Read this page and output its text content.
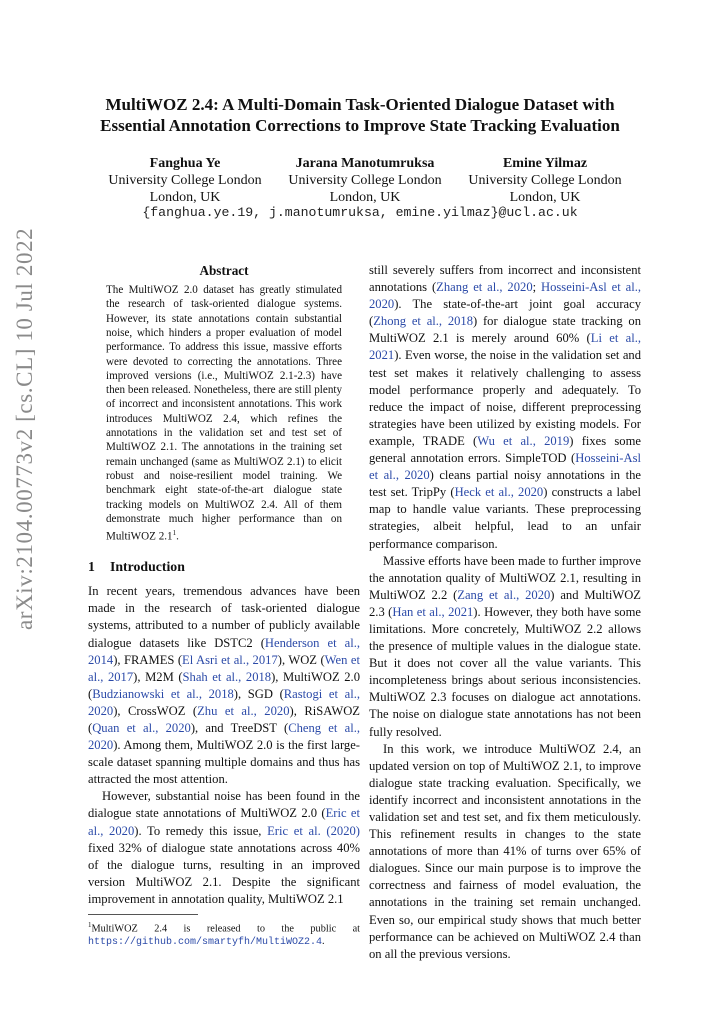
arXiv:2104.00773v2 [cs.CL] 10 Jul 2022
MultiWOZ 2.4: A Multi-Domain Task-Oriented Dialogue Dataset with
Essential Annotation Corrections to Improve State Tracking Evaluation
Fanghua Ye
University College London
London, UK
Jarana Manotumruksa
University College London
London, UK
Emine Yilmaz
University College London
London, UK
{fanghua.ye.19, j.manotumruksa, emine.yilmaz}@ucl.ac.uk
Abstract
The MultiWOZ 2.0 dataset has greatly stimulated the research of task-oriented dialogue systems. However, its state annotations contain substantial noise, which hinders a proper evaluation of model performance. To address this issue, massive efforts were devoted to correcting the annotations. Three improved versions (i.e., MultiWOZ 2.1-2.3) have then been released. Nonetheless, there are still plenty of incorrect and inconsistent annotations. This work introduces MultiWOZ 2.4, which refines the annotations in the validation set and test set of MultiWOZ 2.1. The annotations in the training set remain unchanged (same as MultiWOZ 2.1) to elicit robust and noise-resilient model training. We benchmark eight state-of-the-art dialogue state tracking models on MultiWOZ 2.4. All of them demonstrate much higher performance than on MultiWOZ $2.1^1$.
1 Introduction

In recent years, tremendous advances have been made in the research of task-oriented dialogue systems, attributed to a number of publicly available dialogue datasets like DSTC2 (Henderson et al., 2014), FRAMES (El Asri et al., 2017), WOZ (Wen et al., 2017), M2M (Shah et al., 2018), MultiWOZ 2.0 (Budzianowski et al., 2018), SGD (Rastogi et al., 2020), CrossWOZ (Zhu et al., 2020), RiSAWOZ (Quan et al., 2020), and TreeDST (Cheng et al., 2020). Among them, MultiWOZ 2.0 is the first large-scale dataset spanning multiple domains and thus has attracted the most attention.

However, substantial noise has been found in the dialogue state annotations of MultiWOZ 2.0 (Eric et al., 2020). To remedy this issue, Eric et al. (2020) fixed 32% of dialogue state annotations across 40% of the dialogue turns, resulting in an improved version MultiWOZ 2.1. Despite the significant improvement in annotation quality, MultiWOZ 2.1

$^1$MultiWOZ 2.4 is released to the public at https://github.com/smartyfh/MultiWOZ2.4.

still severely suffers from incorrect and inconsistent annotations (Zhang et al., 2020; Hosseini-Asl et al., 2020). The state-of-the-art joint goal accuracy (Zhong et al., 2018) for dialogue state tracking on MultiWOZ 2.1 is merely around 60% (Li et al., 2021). Even worse, the noise in the validation set and test set makes it relatively challenging to assess model performance properly and adequately. To reduce the impact of noise, different preprocessing strategies have been utilized by existing models. For example, TRADE (Wu et al., 2019) fixes some general annotation errors. SimpleTOD (Hosseini-Asl et al., 2020) cleans partial noisy annotations in the test set. TripPy (Heck et al., 2020) constructs a label map to handle value variants. These preprocessing strategies, albeit helpful, lead to an unfair performance comparison.

Massive efforts have been made to further improve the annotation quality of MultiWOZ 2.1, resulting in MultiWOZ 2.2 (Zang et al., 2020) and MultiWOZ 2.3 (Han et al., 2021). However, they both have some limitations. More concretely, MultiWOZ 2.2 allows the presence of multiple values in the dialogue state. But it does not cover all the value variants. This incompleteness brings about serious inconsistencies. MultiWOZ 2.3 focuses on dialogue act annotations. The noise on dialogue state annotations has not been fully resolved.

In this work, we introduce MultiWOZ 2.4, an updated version on top of MultiWOZ 2.1, to improve dialogue state tracking evaluation. Specifically, we identify incorrect and inconsistent annotations in the validation set and test set, and fix them meticulously. This refinement results in changes to the state annotations of more than 41% of turns over 65% of dialogues. Since our main purpose is to improve the correctness and fairness of model evaluation, the annotations in the training set remain unchanged. Even so, our empirical study shows that much better performance can be achieved on MultiWOZ 2.4 than on all the previous versions.
